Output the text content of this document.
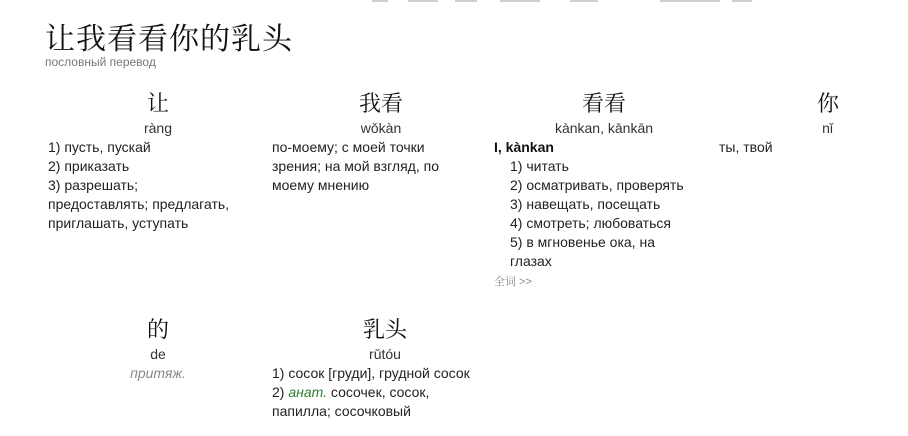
让我看看你的乳头
пословный перевод
让
ràng
1) пусть, пускай
2) приказать
3) разрешать;
предоставлять; предлагать,
приглашать, уступать
我看
wǒkàn
по-моему; с моей точки
зрения; на мой взгляд, по
моему мнению
看看
kànkan, kānkān
I, kànkan
1) читать
2) осматривать, проверять
3) навещать, посещать
4) смотреть; любоваться
5) в мгновенье ока, на
глазах
全词 >>
你
nǐ
ты, твой
的
de
притяж.
乳头
rǔtóu
1) сосок [груди], грудной сосок
2) анат. сосочек, сосок,
папилла; сосочковый
